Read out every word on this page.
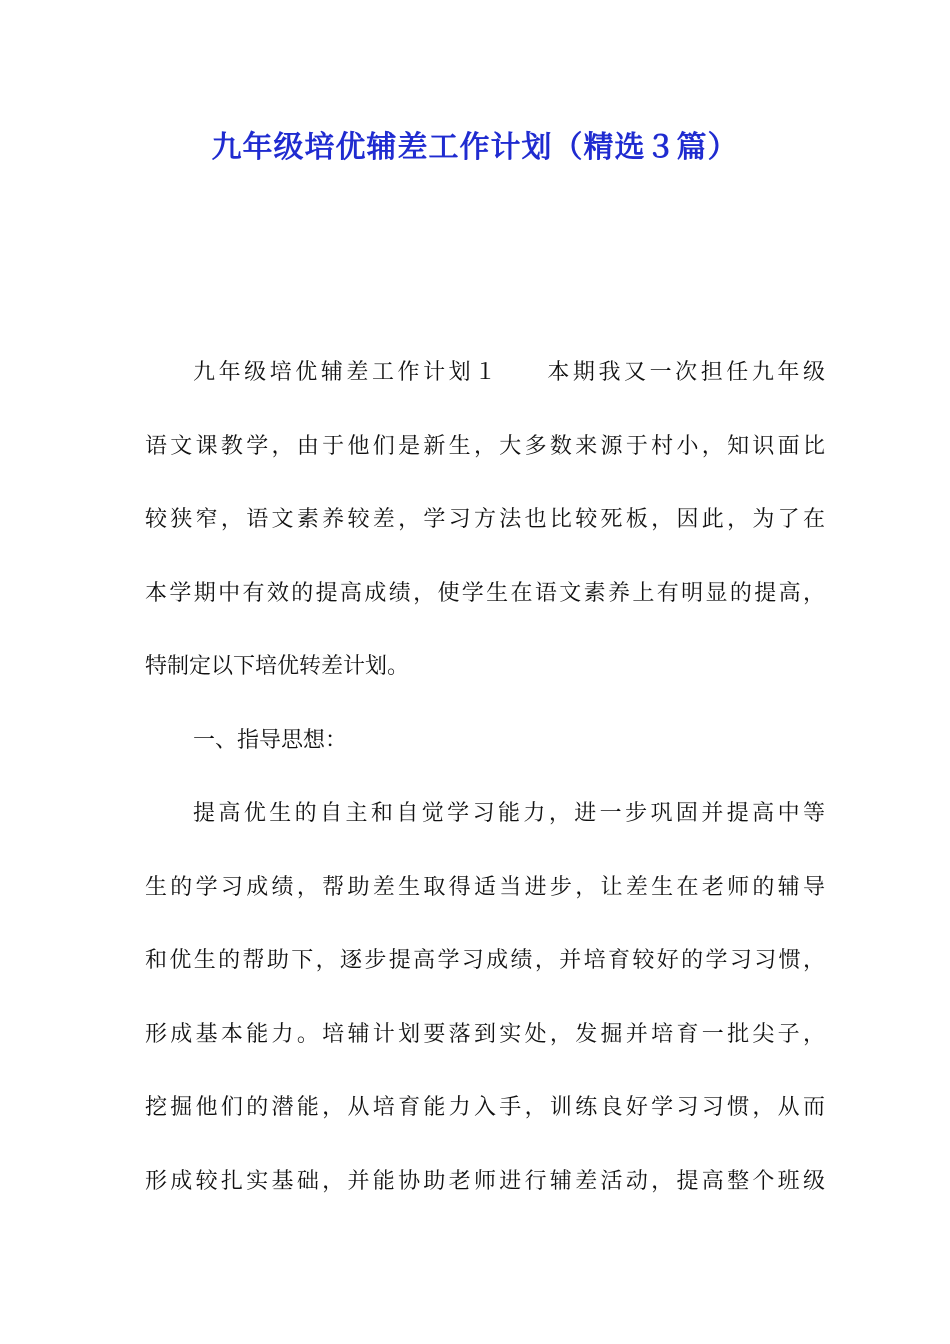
九年级培优辅差工作计划（精选３篇）
九年级培优辅差工作计划１ 本期我又一次担任九年级
语文课教学，由于他们是新生，大多数来源于村小，知识面比
较狭窄，语文素养较差，学习方法也比较死板，因此，为了在
本学期中有效的提高成绩，使学生在语文素养上有明显的提高，
特制定以下培优转差计划。
一、指导思想：
提高优生的自主和自觉学习能力，进一步巩固并提高中等
生的学习成绩，帮助差生取得适当进步，让差生在老师的辅导
和优生的帮助下，逐步提高学习成绩，并培育较好的学习习惯，
形成基本能力。培辅计划要落到实处，发掘并培育一批尖子，
挖掘他们的潜能，从培育能力入手，训练良好学习习惯，从而
形成较扎实基础，并能协助老师进行辅差活动，提高整个班级
